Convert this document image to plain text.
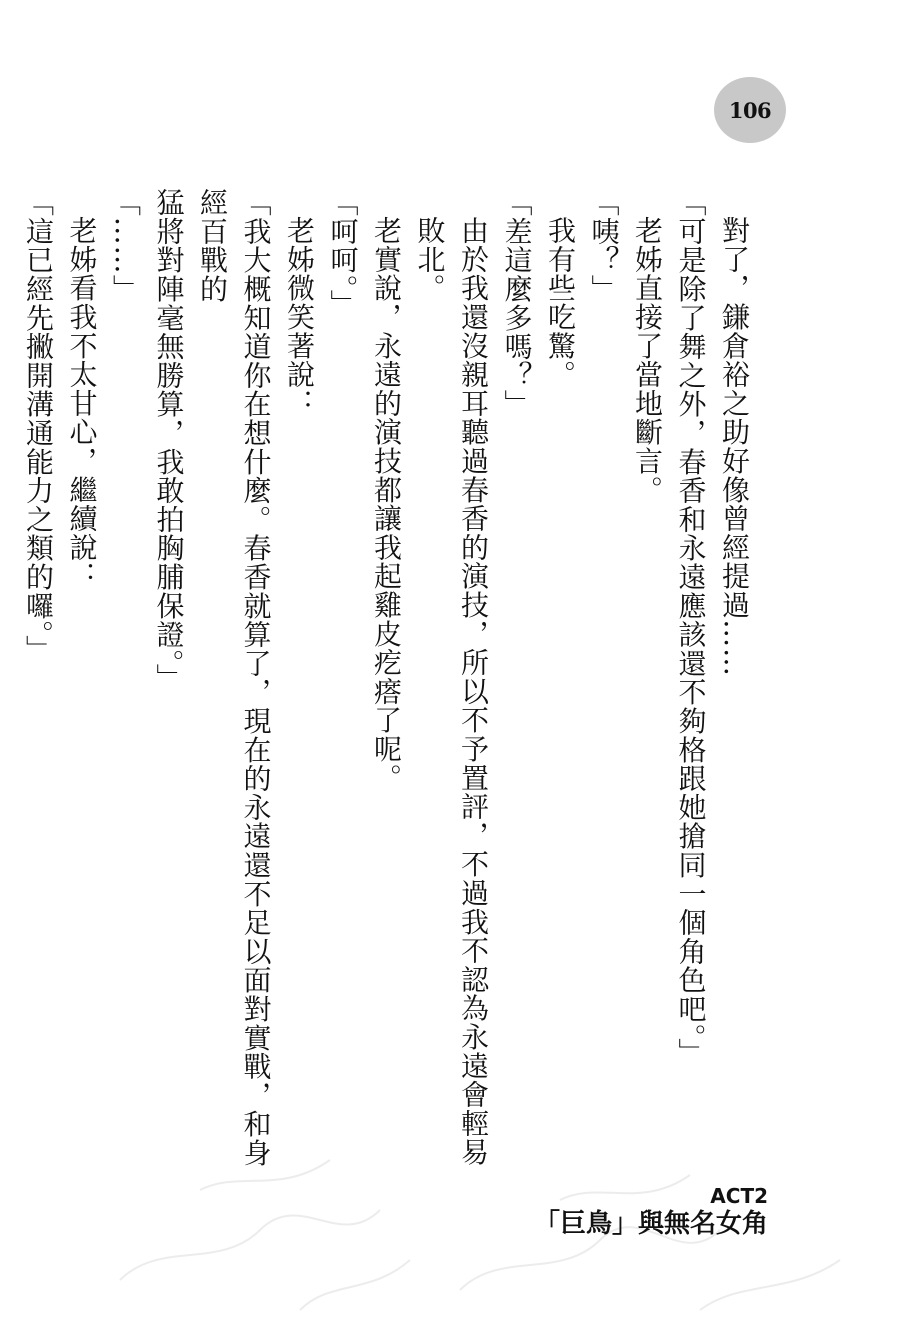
106

對了，鎌倉裕之助好像曾經提過……

「可是除了舞之外，春香和永遠應該還不夠格跟她搶同一個角色吧。」

老姊直接了當地斷言。

「咦？」

我有些吃驚。

「差這麼多嗎？」

由於我還沒親耳聽過春香的演技，所以不予置評，不過我不認為永遠會輕易敗北。

老實說，永遠的演技都讓我起雞皮疙瘩了呢。

「呵呵。」

老姊微笑著說：

「我大概知道你在想什麼。春香就算了，現在的永遠還不足以面對實戰，和身經百戰的

猛將對陣毫無勝算，我敢拍胸脯保證。」

「……」

老姊看我不太甘心，繼續說：

「這已經先撇開溝通能力之類的囉。」

ACT2
「巨鳥」與無名女角
